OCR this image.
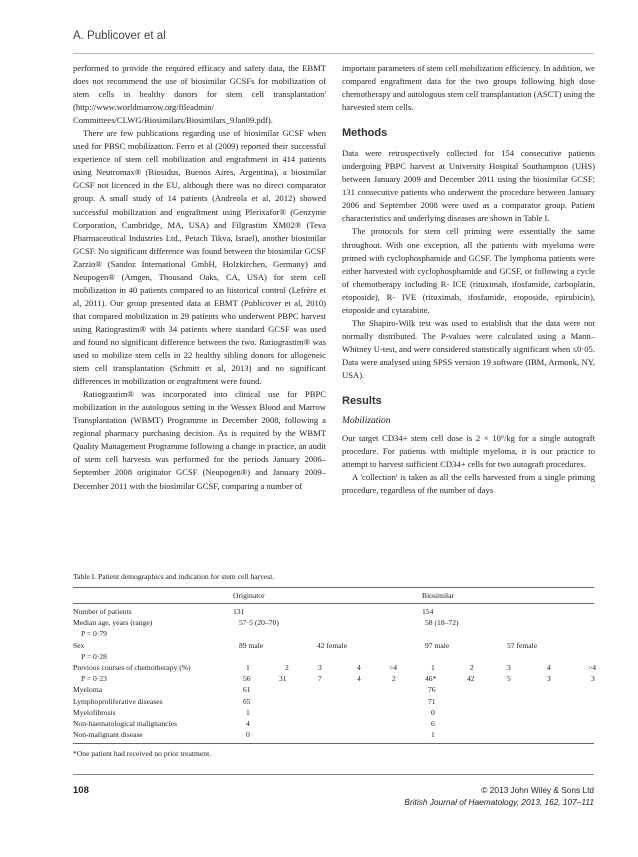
A. Publicover et al

performed to provide the required efficacy and safety data, the EBMT does not recommend the use of biosimilar GCSFs for mobilization of stem cells in healthy donors for stem cell transplantation' (http://www.worldmarrow.org/fileadmin/ Committees/CLWG/Biosimilars/Biosimilars_9Jan09.pdf).

There are few publications regarding use of biosimilar GCSF when used for PBSC mobilization. Ferro et al (2009) reported their successful experience of stem cell mobilization and engraftment in 414 patients using Neutromax® (Biosidus, Buenos Aires, Argentina), a biosimilar GCSF not licenced in the EU, although there was no direct comparator group. A small study of 14 patients (Andreola et al, 2012) showed successful mobilization and engraftment using Plerixafor® (Genzyme Corporation, Cambridge, MA, USA) and Filgrastim XM02® (Teva Pharmaceutical Industries Ltd., Petach Tikva, Israel), another biosimilar GCSF. No significant difference was found between the biosimilar GCSF Zarzio® (Sandoz International GmbH, Holzkirchen, Germany) and Neupogen® (Amgen, Thousand Oaks, CA, USA) for stem cell mobilization in 40 patients compared to an historical control (Lefrère et al, 2011). Our group presented data at EBMT (Publicover et al, 2010) that compared mobilization in 29 patients who underwent PBPC harvest using Ratiograstim® with 34 patients where standard GCSF was used and found no significant difference between the two. Ratiograstim® was used to mobilize stem cells in 22 healthy sibling donors for allogeneic stem cell transplantation (Schmitt et al, 2013) and no significant differences in mobilization or engraftment were found.

Ratiograstim® was incorporated into clinical use for PBPC mobilization in the autologous setting in the Wessex Blood and Marrow Transplantation (WBMT) Programme in December 2008, following a regional pharmacy purchasing decision. As is required by the WBMT Quality Management Programme following a change in practice, an audit of stem cell harvests was performed for the periods January 2006–September 2008 originator GCSF (Neupogen®) and January 2009–December 2011 with the biosimilar GCSF, comparing a number of

important parameters of stem cell mobilization efficiency. In addition, we compared engraftment data for the two groups following high dose chemotherapy and autologous stem cell transplantation (ASCT) using the harvested stem cells.

Methods

Data were retrospectively collected for 154 consecutive patients undergoing PBPC harvest at University Hospital Southampton (UHS) between January 2009 and December 2011 using the biosimilar GCSF; 131 consecutive patients who underwent the procedure between January 2006 and September 2008 were used as a comparator group. Patient characteristics and underlying diseases are shown in Table I.

The protocols for stem cell priming were essentially the same throughout. With one exception, all the patients with myeloma were primed with cyclophosphamide and GCSF. The lymphoma patients were either harvested with cyclophosphamide and GCSF, or following a cycle of chemotherapy including R- ICE (rituximab, ifosfamide, carboplatin, etoposide), R- IVE (rituximab, ifosfamide, etoposide, epirubicin), etoposide and cytarabine.

The Shapiro-Wilk test was used to establish that the data were not normally distributed. The P-values were calculated using a Mann–Whitney U-test, and were considered statistically significant when ≤0·05. Data were analysed using SPSS version 19 software (IBM, Armonk, NY, USA).

Results
Mobilization

Our target CD34+ stem cell dose is 2 × 10⁶/kg for a single autograft procedure. For patients with multiple myeloma, it is our practice to attempt to harvest sufficient CD34+ cells for two autograft procedures.

A 'collection' is taken as all the cells harvested from a single priming procedure, regardless of the number of days

Table I. Patient demographics and indication for stem cell harvest.

Originator	Biosimilar
Number of patients	131	154
Median age, years (range)	57·5 (20–70)	58 (18–72)
P = 0·79
Sex	89 male	42 female	97 male	57 female
P = 0·28
Previous courses of chemotherapy (%)	1	2	3	4	>4	1	2	3	4	>4
P = 0·23	56	31	7	4	2	46*	42	5	3	3
Myeloma	61	76
Lymphoproliferative diseases	65	71
Myelofibrosis	1	0
Non-haematological malignancies	4	6
Non-malignant disease	0	1
*One patient had received no prior treatment.
108	© 2013 John Wiley & Sons Ltd
British Journal of Haematology, 2013, 162, 107–111
